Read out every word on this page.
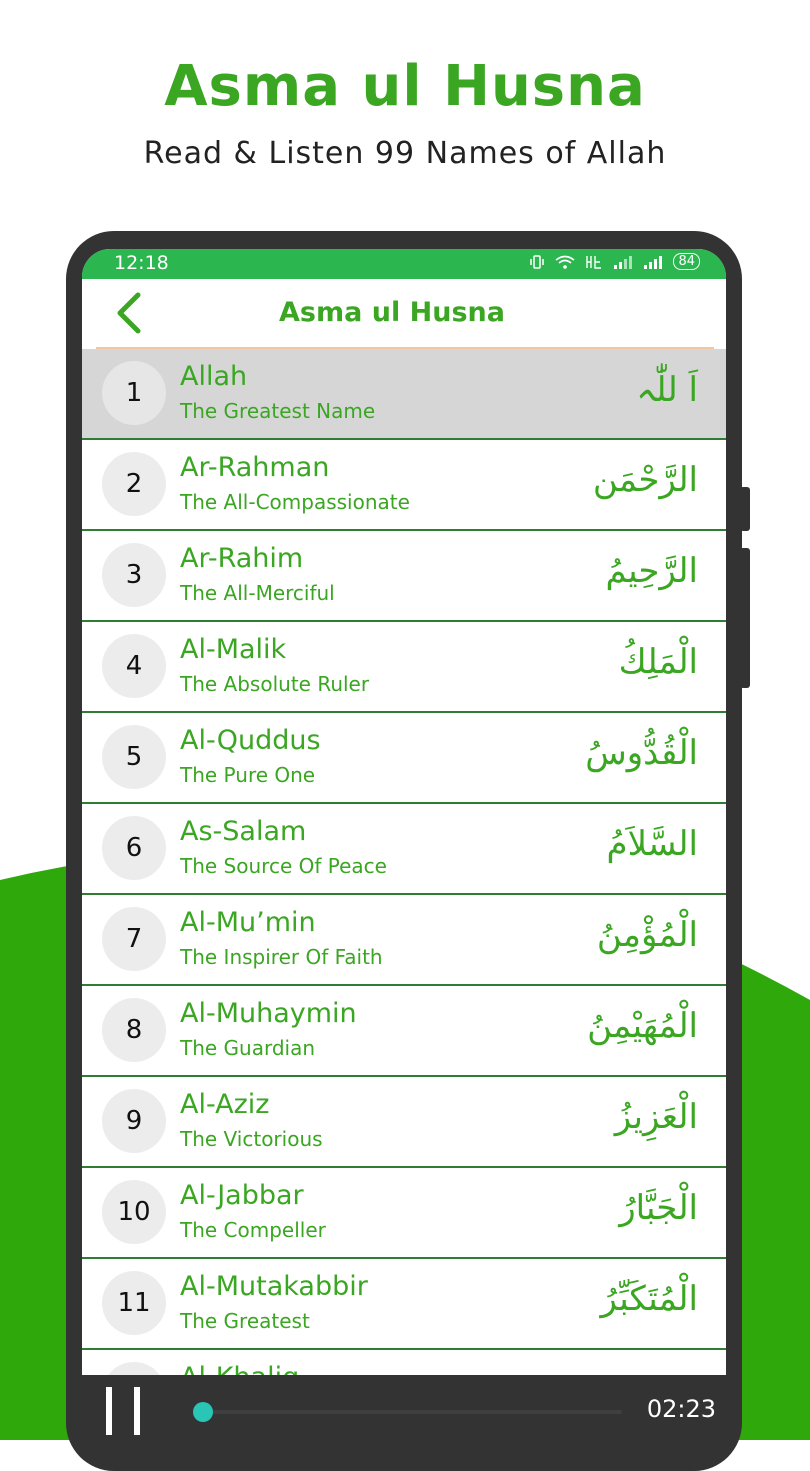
Asma ul Husna
Read & Listen 99 Names of Allah
12:18	84
Asma ul Husna
1
Allah
The Greatest Name
اَ للّٰہ
2
Ar-Rahman
The All-Compassionate
الرَّحْمَن
3
Ar-Rahim
The All-Merciful
الرَّحِيمُ
4
Al-Malik
The Absolute Ruler
الْمَلِكُ
5
Al-Quddus
The Pure One
الْقُدُّوسُ
6
As-Salam
The Source Of Peace
السَّلاَمُ
7
Al-Mu’min
The Inspirer Of Faith
الْمُؤْمِنُ
8
Al-Muhaymin
The Guardian
الْمُهَيْمِنُ
9
Al-Aziz
The Victorious
الْعَزِيزُ
10
Al-Jabbar
The Compeller
الْجَبَّارُ
11
Al-Mutakabbir
The Greatest
الْمُتَكَبِّرُ
02:23
